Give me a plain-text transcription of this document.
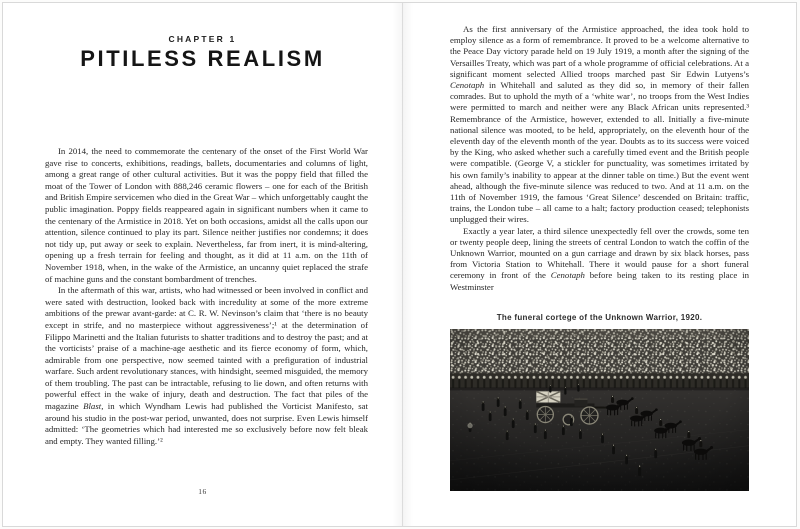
CHAPTER 1
PITILESS REALISM

In 2014, the need to commemorate the centenary of the onset of the First World War gave rise to concerts, exhibitions, readings, ballets, documentaries and columns of light, among a great range of other cultural activities. But it was the poppy field that filled the moat of the Tower of London with 888,246 ceramic flowers – one for each of the British and British Empire servicemen who died in the Great War – which unforgettably caught the public imagination. Poppy fields reappeared again in significant numbers when it came to the centenary of the Armistice in 2018. Yet on both occasions, amidst all the calls upon our attention, silence continued to play its part. Silence neither justifies nor condemns; it does not tidy up, put away or seek to explain. Nevertheless, far from inert, it is mind-altering, opening up a fresh terrain for feeling and thought, as it did at 11 a.m. on the 11th of November 1918, when, in the wake of the Armistice, an uncanny quiet replaced the strafe of machine guns and the constant bombardment of trenches.

In the aftermath of this war, artists, who had witnessed or been involved in conflict and were sated with destruction, looked back with incredulity at some of the more extreme ambitions of the prewar avant-garde: at C. R. W. Nevinson’s claim that ‘there is no beauty except in strife, and no masterpiece without aggressiveness’;¹ at the determination of Filippo Marinetti and the Italian futurists to shatter traditions and to destroy the past; and at the vorticists’ praise of a machine-age aesthetic and its fierce economy of form, which, admirable from one perspective, now seemed tainted with a prefiguration of industrial warfare. Such ardent revolutionary stances, with hindsight, seemed misguided, the memory of them troubling. The past can be intractable, refusing to lie down, and often returns with powerful effect in the wake of injury, death and destruction. The fact that piles of the magazine Blast, in which Wyndham Lewis had published the Vorticist Manifesto, sat around his studio in the post-war period, unwanted, does not surprise. Even Lewis himself admitted: ‘The geometries which had interested me so exclusively before now felt bleak and empty. They wanted filling.’²

16

As the first anniversary of the Armistice approached, the idea took hold to employ silence as a form of remembrance. It proved to be a welcome alternative to the Peace Day victory parade held on 19 July 1919, a month after the signing of the Versailles Treaty, which was part of a whole programme of official celebrations. At a significant moment selected Allied troops marched past Sir Edwin Lutyens’s Cenotaph in Whitehall and saluted as they did so, in memory of their fallen comrades. But to uphold the myth of a ‘white war’, no troops from the West Indies were permitted to march and neither were any Black African units represented.³ Remembrance of the Armistice, however, extended to all. Initially a five-minute national silence was mooted, to be held, appropriately, on the eleventh hour of the eleventh day of the eleventh month of the year. Doubts as to its success were voiced by the King, who asked whether such a carefully timed event and the British people were compatible. (George V, a stickler for punctuality, was sometimes irritated by his own family’s inability to appear at the dinner table on time.) But the event went ahead, although the five-minute silence was reduced to two. And at 11 a.m. on the 11th of November 1919, the famous ‘Great Silence’ descended on Britain: traffic, trains, the London tube – all came to a halt; factory production ceased; telephonists unplugged their wires.

Exactly a year later, a third silence unexpectedly fell over the crowds, some ten or twenty people deep, lining the streets of central London to watch the coffin of the Unknown Warrior, mounted on a gun carriage and drawn by six black horses, pass from Victoria Station to Whitehall. There it would pause for a short funeral ceremony in front of the Cenotaph before being taken to its resting place in Westminster

The funeral cortege of the Unknown Warrior, 1920.
